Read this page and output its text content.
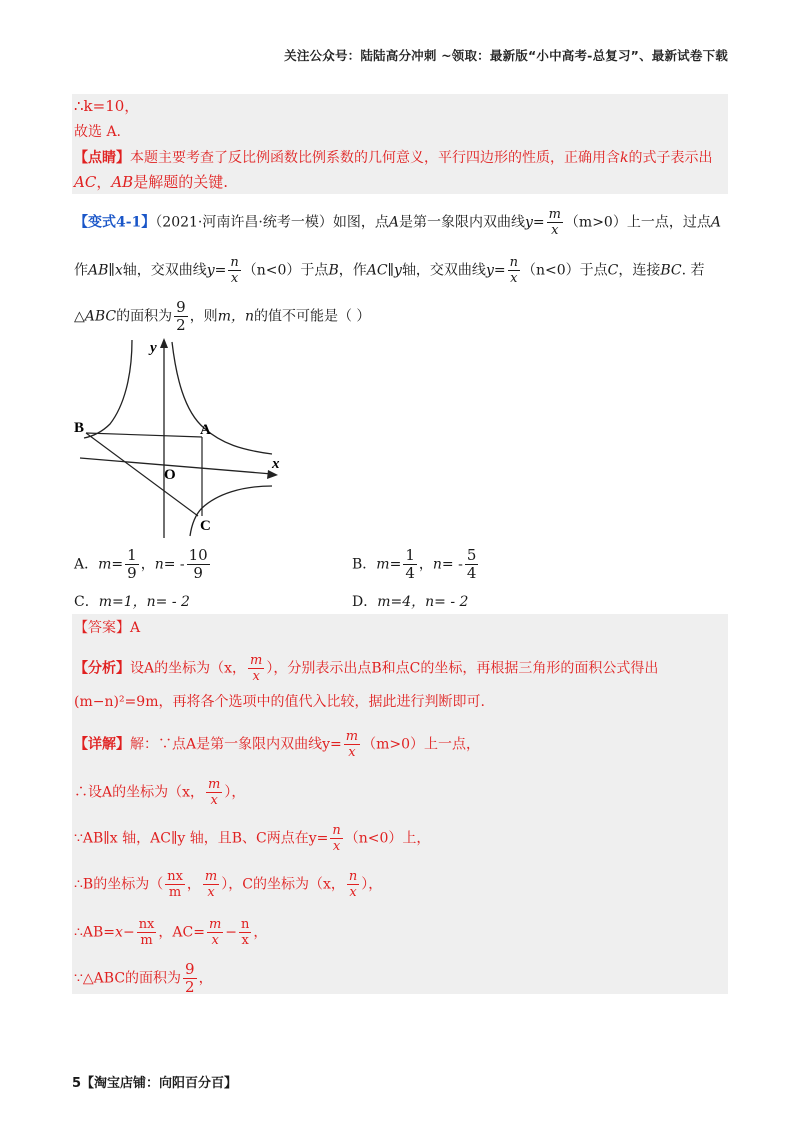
关注公众号：陆陆高分冲刺 ~领取：最新版“小中高考-总复习”、最新试卷下载
∴k=10，
故选 A.
【点睛】本题主要考查了反比例函数比例系数的几何意义，平行四边形的性质，正确用含k的式子表示出
AC，AB是解题的关键.
【变式4-1】（2021·河南许昌·统考一模）如图，点A是第一象限内双曲线$y= \frac{m}{x} (m>0)$上一点，过点A
作AB∥x轴，交双曲线$y= \frac{n}{x} (n<0)$于点B，作AC∥y轴，交双曲线$y= \frac{n}{x} (n<0)$于点C，连接BC. 若
△ABC的面积为 $\frac{9}{2}$ ，则m，n的值不可能是（ ）
B	A
O
C
x
y
A．$m= \frac{1}{9}$ ，$n= - \frac{10}{9}$	B．$m= \frac{1}{4}$ ，$n= - \frac{5}{4}$
C．m=1，n= - 2	D．m=4，n= - 2
【答案】A
【分析】设A的坐标为（x， $\frac{m}{x}$ ），分别表示出点B和点C的坐标，再根据三角形的面积公式得出
(m−n)²=9m，再将各个选项中的值代入比较，据此进行判断即可.
【详解】解：∵点A是第一象限内双曲线$y= \frac{m}{x} (m>0)$上一点，
∴设A的坐标为（x， $\frac{m}{x}$ ），
∵AB∥x 轴，AC∥y 轴，且B、C两点在$y= \frac{n}{x} (n<0)$上，
∴B的坐标为（ $\frac{nx}{m}$ ， $\frac{m}{x}$ ），C的坐标为（x， $\frac{n}{x}$ ），
∴AB=x− $\frac{nx}{m}$ ，$AC= \frac{m}{x} - \frac{n}{x}$ ，
∵△ABC的面积为 $\frac{9}{2}$ ，
5【淘宝店铺：向阳百分百】
